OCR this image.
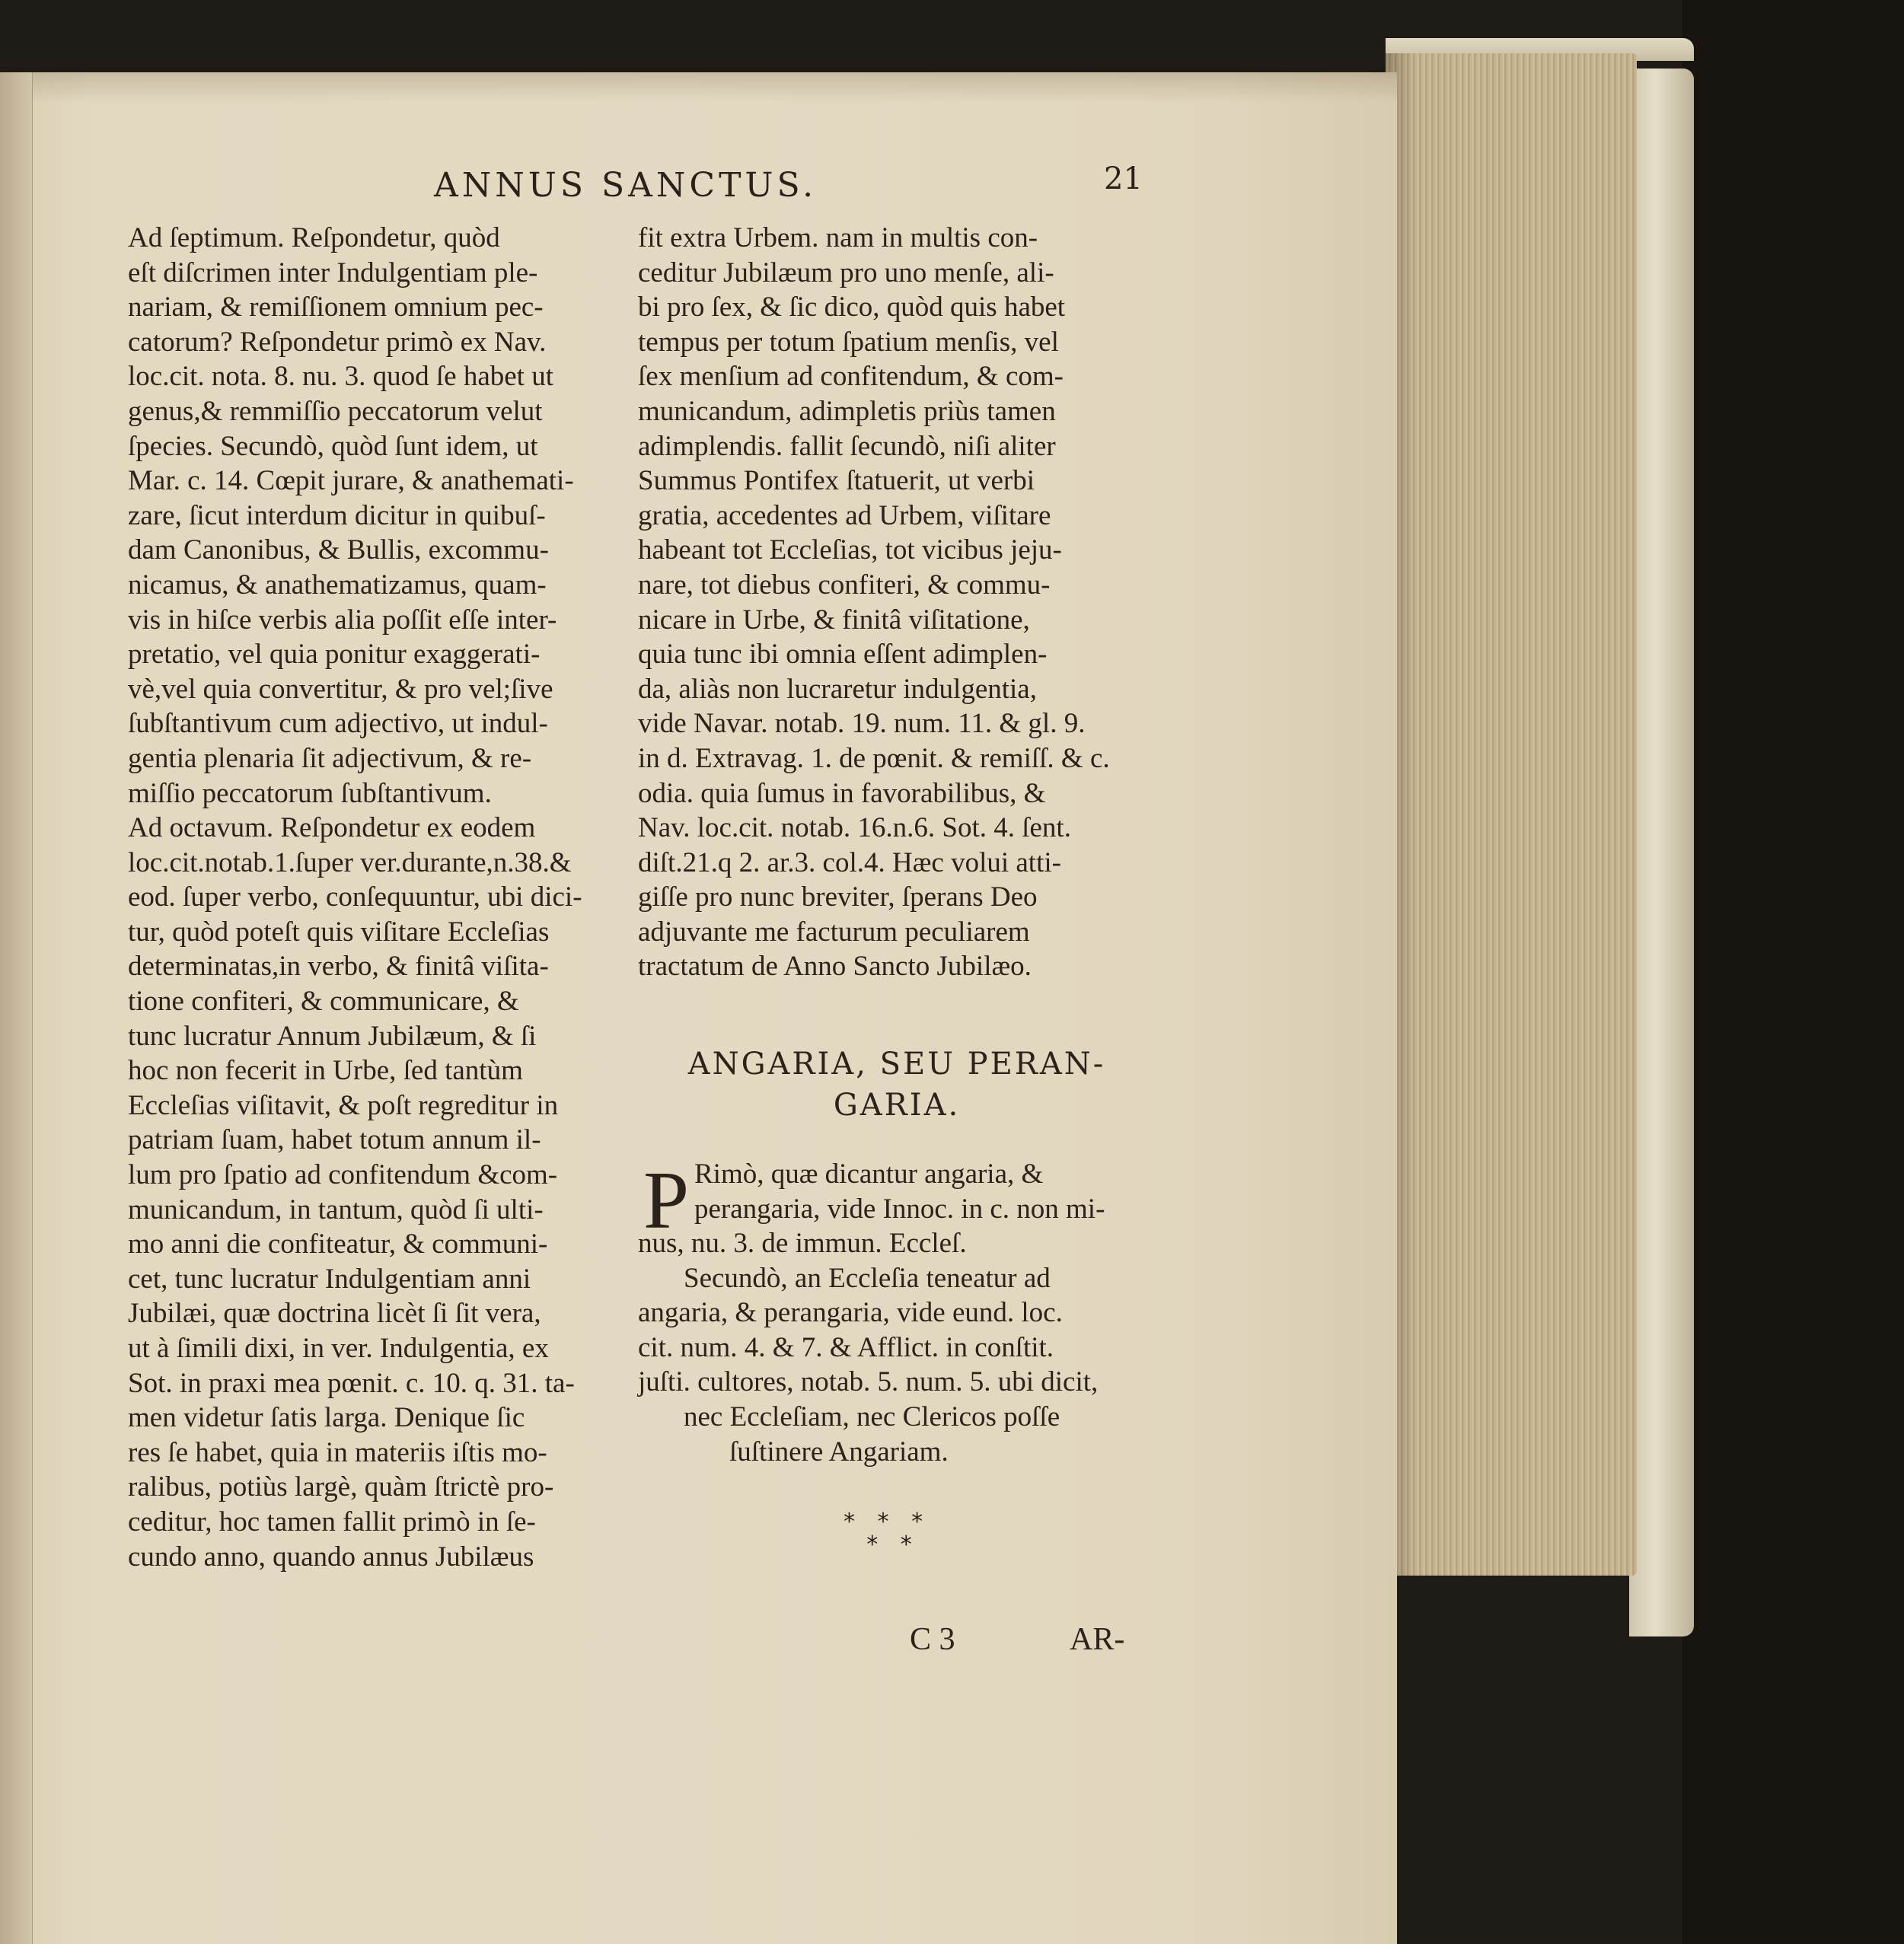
ANNUS SANCTUS.	21
Ad ſeptimum. Reſpondetur, quòd
eſt diſcrimen inter Indulgentiam ple-
nariam, & remiſſionem omnium pec-
catorum? Reſpondetur primò ex Nav.
loc.cit. nota. 8. nu. 3. quod ſe habet ut
genus,& remmiſſio peccatorum velut
ſpecies. Secundò, quòd ſunt idem, ut
Mar. c. 14. Cœpit jurare, & anathemati-
zare, ſicut interdum dicitur in quibuſ-
dam Canonibus, & Bullis, excommu-
nicamus, & anathematizamus, quam-
vis in hiſce verbis alia poſſit eſſe inter-
pretatio, vel quia ponitur exaggerati-
vè,vel quia convertitur, & pro vel;ſive
ſubſtantivum cum adjectivo, ut indul-
gentia plenaria ſit adjectivum, & re-
miſſio peccatorum ſubſtantivum.
Ad octavum. Reſpondetur ex eodem
loc.cit.notab.1.ſuper ver.durante,n.38.&
eod. ſuper verbo, conſequuntur, ubi dici-
tur, quòd poteſt quis viſitare Eccleſias
determinatas,in verbo, & finitâ viſita-
tione confiteri, & communicare, &
tunc lucratur Annum Jubilæum, & ſi
hoc non fecerit in Urbe, ſed tantùm
Eccleſias viſitavit, & poſt regreditur in
patriam ſuam, habet totum annum il-
lum pro ſpatio ad confitendum &com-
municandum, in tantum, quòd ſi ulti-
mo anni die confiteatur, & communi-
cet, tunc lucratur Indulgentiam anni
Jubilæi, quæ doctrina licèt ſi ſit vera,
ut à ſimili dixi, in ver. Indulgentia, ex
Sot. in praxi mea pœnit. c. 10. q. 31. ta-
men videtur ſatis larga. Denique ſic
res ſe habet, quia in materiis iſtis mo-
ralibus, potiùs largè, quàm ſtrictè pro-
ceditur, hoc tamen fallit primò in ſe-
cundo anno, quando annus Jubilæus
fit extra Urbem. nam in multis con-
ceditur Jubilæum pro uno menſe, ali-
bi pro ſex, & ſic dico, quòd quis habet
tempus per totum ſpatium menſis, vel
ſex menſium ad confitendum, & com-
municandum, adimpletis priùs tamen
adimplendis. fallit ſecundò, niſi aliter
Summus Pontifex ſtatuerit, ut verbi
gratia, accedentes ad Urbem, viſitare
habeant tot Eccleſias, tot vicibus jeju-
nare, tot diebus confiteri, & commu-
nicare in Urbe, & finitâ viſitatione,
quia tunc ibi omnia eſſent adimplen-
da, aliàs non lucraretur indulgentia,
vide Navar. notab. 19. num. 11. & gl. 9.
in d. Extravag. 1. de pœnit. & remiſſ. & c.
odia. quia ſumus in favorabilibus, &
Nav. loc.cit. notab. 16.n.6. Sot. 4. ſent.
diſt.21.q 2. ar.3. col.4. Hæc volui atti-
giſſe pro nunc breviter, ſperans Deo
adjuvante me facturum peculiarem
tractatum de Anno Sancto Jubilæo.
ANGARIA, SEU PERAN-
GARIA.
P Rimò, quæ dicantur angaria, &
perangaria, vide Innoc. in c. non mi-
nus, nu. 3. de immun. Eccleſ.
Secundò, an Eccleſia teneatur ad
angaria, & perangaria, vide eund. loc.
cit. num. 4. & 7. & Afflict. in conſtit.
juſti. cultores, notab. 5. num. 5. ubi dicit,
nec Eccleſiam, nec Clericos poſſe
ſuſtinere Angariam.
* * *
* *
C 3	AR-
